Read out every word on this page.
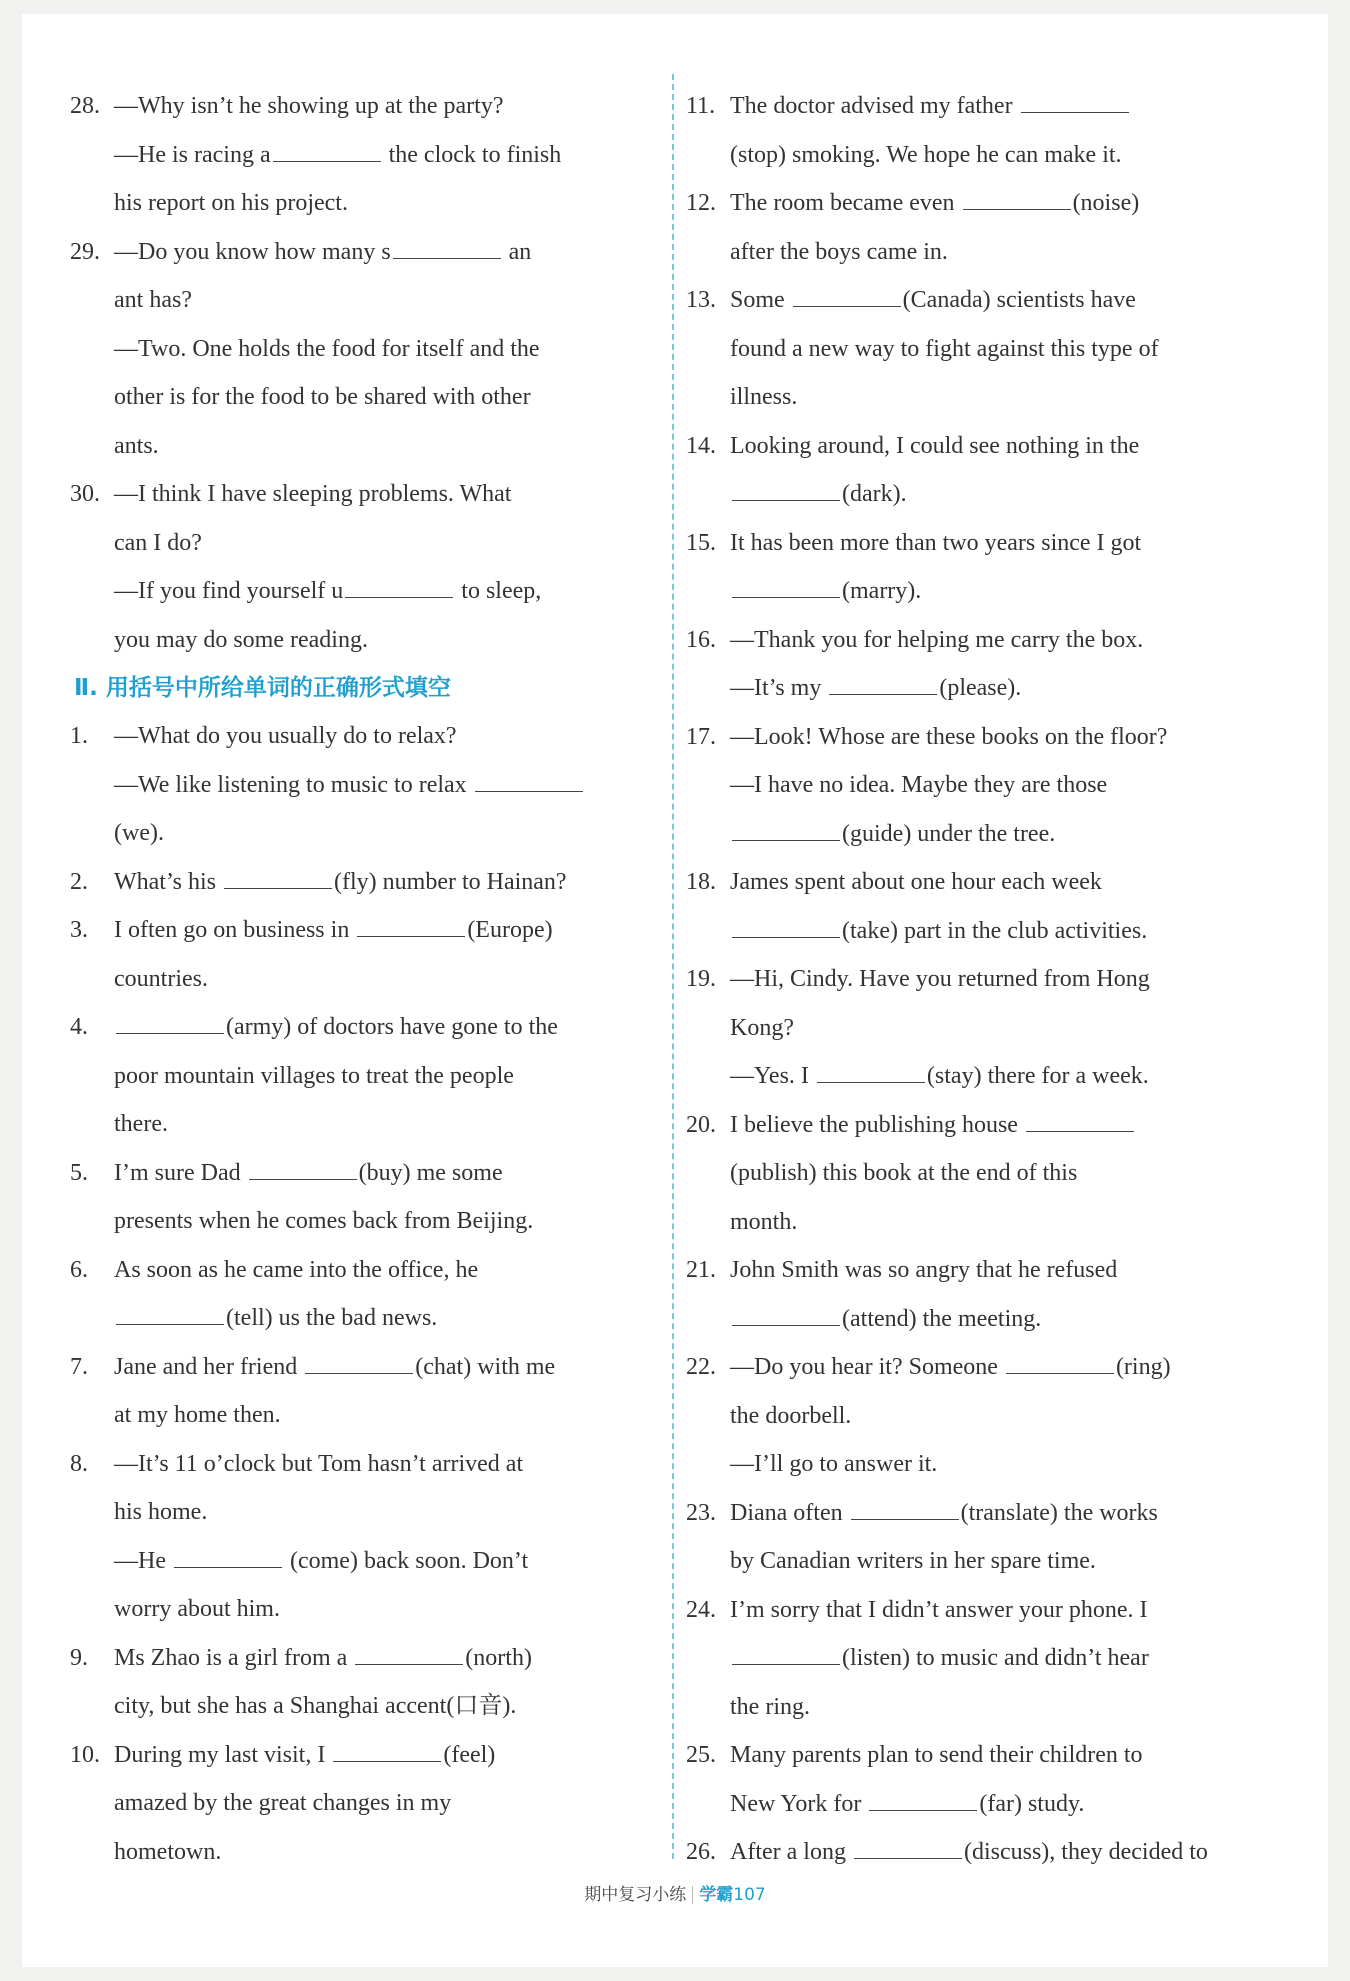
28. —Why isn’t he showing up at the party?
—He is racing a	the clock to finish
his report on his project.
29. —Do you know how many s	an
ant has?
—Two. One holds the food for itself and the
other is for the food to be shared with other
ants.
30. —I think I have sleeping problems. What
can I do?
—If you find yourself u	to sleep,
you may do some reading.
Ⅱ. 用括号中所给单词的正确形式填空
1. —What do you usually do to relax?
—We like listening to music to relax
(we).
2. What’s his	(fly) number to Hainan?
3. I often go on business in	(Europe)
countries.
4.	(army) of doctors have gone to the
poor mountain villages to treat the people
there.
5. I’m sure Dad	(buy) me some
presents when he comes back from Beijing.
6. As soon as he came into the office, he
(tell) us the bad news.
7. Jane and her friend	(chat) with me
at my home then.
8. —It’s 11 o’clock but Tom hasn’t arrived at
his home.
—He	(come) back soon. Don’t
worry about him.
9. Ms Zhao is a girl from a	(north)
city, but she has a Shanghai accent(口音).
10. During my last visit, I	(feel)
amazed by the great changes in my
hometown.
11. The doctor advised my father
(stop) smoking. We hope he can make it.
12. The room became even	(noise)
after the boys came in.
13. Some	(Canada) scientists have
found a new way to fight against this type of
illness.
14. Looking around, I could see nothing in the
(dark).
15. It has been more than two years since I got
(marry).
16. —Thank you for helping me carry the box.
—It’s my	(please).
17. —Look! Whose are these books on the floor?
—I have no idea. Maybe they are those
(guide) under the tree.
18. James spent about one hour each week
(take) part in the club activities.
19. —Hi, Cindy. Have you returned from Hong
Kong?
—Yes. I	(stay) there for a week.
20. I believe the publishing house
(publish) this book at the end of this
month.
21. John Smith was so angry that he refused
(attend) the meeting.
22. —Do you hear it? Someone	(ring)
the doorbell.
—I’ll go to answer it.
23. Diana often	(translate) the works
by Canadian writers in her spare time.
24. I’m sorry that I didn’t answer your phone. I
(listen) to music and didn’t hear
the ring.
25. Many parents plan to send their children to
New York for	(far) study.
26. After a long	(discuss), they decided to
期中复习小练 学霸107
